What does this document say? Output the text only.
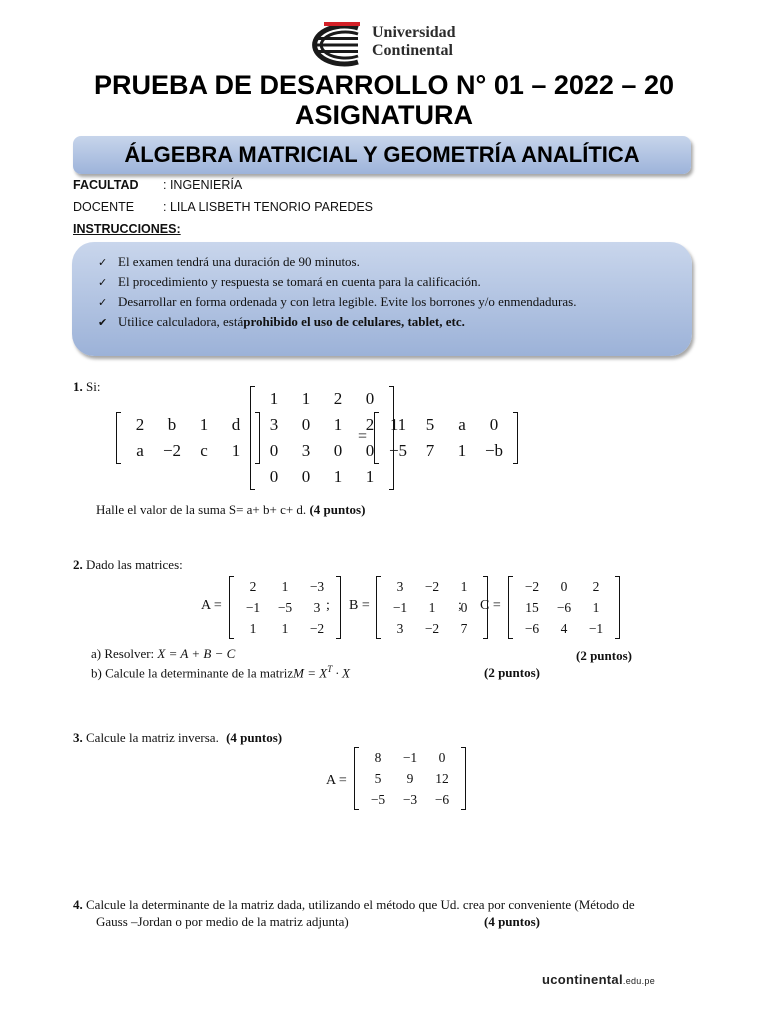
Universidad
Continental
PRUEBA DE DESARROLLO N° 01 – 2022 – 20
ASIGNATURA
ÁLGEBRA MATRICIAL Y GEOMETRÍA ANALÍTICA
FACULTAD : INGENIERÍA
DOCENTE : LILA LISBETH TENORIO PAREDES
INSTRUCCIONES:
✓ El examen tendrá una duración de 90 minutos.
✓ El procedimiento y respuesta se tomará en cuenta para la calificación.
✓ Desarrollar en forma ordenada y con letra legible. Evite los borrones y/o enmendaduras.
✔ Utilice calculadora, está prohibido el uso de celulares, tablet, etc.
1. Si:
2	b	1	d
a	−2	c	1
1	1	2	0
3	0	1	2
0	3	0	0
0	0	1	1
=
11	5	a	0
−5	7	1	−b
Halle el valor de la suma S= a+ b+ c+ d. (4 puntos)
2. Dado las matrices:
A =
2	1	−3
−1	−5	3
1	1	−2
; B =
3	−2	1
−1	1	0
3	−2	7
; C =
−2	0	2
15	−6	1
−6	4	−1
a) Resolver: X = A + B − C	(2 puntos)
b) Calcule la determinante de la matrizM = $X^T \cdot X$	(2 puntos)
3. Calcule la matriz inversa. (4 puntos)
A =
8	−1	0
5	9	12
−5	−3	−6
4. Calcule la determinante de la matriz dada, utilizando el método que Ud. crea por conveniente (Método de
Gauss –Jordan o por medio de la matriz adjunta)	(4 puntos)
ucontinental.edu.pe
